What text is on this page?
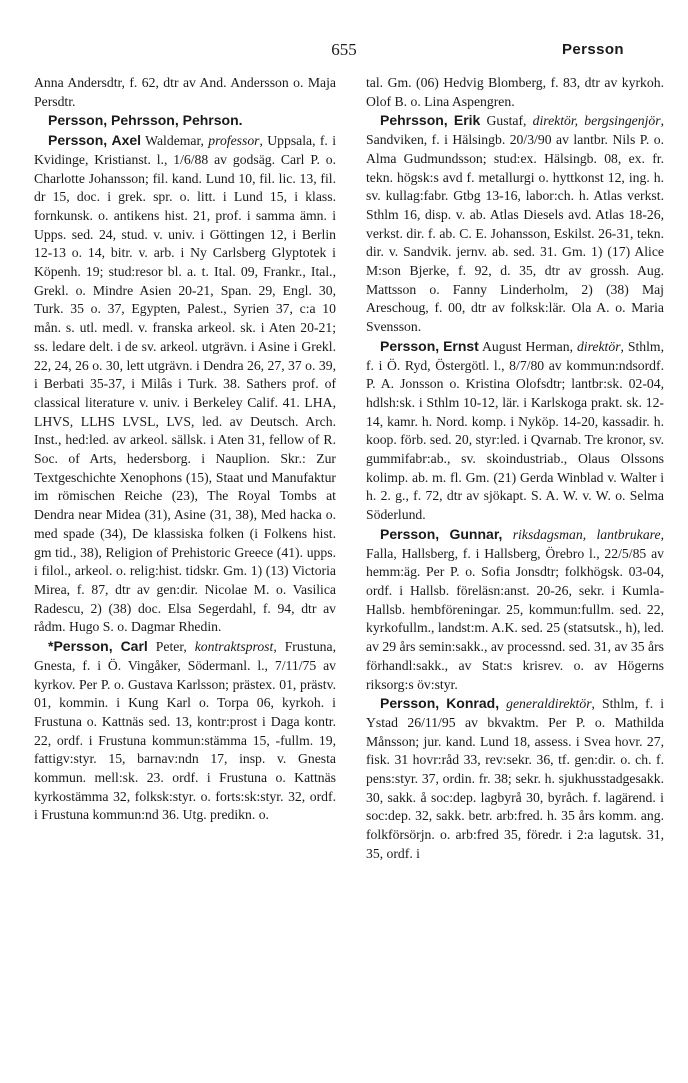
655	Persson

Anna Andersdtr, f. 62, dtr av And. Andersson o. Maja Persdtr.

Persson, Pehrsson, Pehrson.

Persson, Axel Waldemar, professor, Uppsala, f. i Kvidinge, Kristianst. l., 1/6/88 av godsäg. Carl P. o. Charlotte Johansson; fil. kand. Lund 10, fil. lic. 13, fil. dr 15, doc. i grek. spr. o. litt. i Lund 15, i klass. fornkunsk. o. antikens hist. 21, prof. i samma ämn. i Upps. sed. 24, stud. v. univ. i Göttingen 12, i Berlin 12-13 o. 14, bitr. v. arb. i Ny Carlsberg Glyptotek i Köpenh. 19; stud:resor bl. a. t. Ital. 09, Frankr., Ital., Grekl. o. Mindre Asien 20-21, Span. 29, Engl. 30, Turk. 35 o. 37, Egypten, Palest., Syrien 37, c:a 10 mån. s. utl. medl. v. franska arkeol. sk. i Aten 20-21; ss. ledare delt. i de sv. arkeol. utgrävn. i Asine i Grekl. 22, 24, 26 o. 30, lett utgrävn. i Dendra 26, 27, 37 o. 39, i Berbati 35-37, i Milâs i Turk. 38. Sathers prof. of classical literature v. univ. i Berkeley Calif. 41. LHA, LHVS, LLHS LVSL, LVS, led. av Deutsch. Arch. Inst., hed:led. av arkeol. sällsk. i Aten 31, fellow of R. Soc. of Arts, hedersborg. i Nauplion. Skr.: Zur Textgeschichte Xenophons (15), Staat und Manufaktur im römischen Reiche (23), The Royal Tombs at Dendra near Midea (31), Asine (31, 38), Med hacka o. med spade (34), De klassiska folken (i Folkens hist. gm tid., 38), Religion of Prehistoric Greece (41). upps. i filol., arkeol. o. relig:hist. tidskr. Gm. 1) (13) Victoria Mirea, f. 87, dtr av gen:dir. Nicolae M. o. Vasilica Radescu, 2) (38) doc. Elsa Segerdahl, f. 94, dtr av rådm. Hugo S. o. Dagmar Rhedin.

*Persson, Carl Peter, kontraktsprost, Frustuna, Gnesta, f. i Ö. Vingåker, Södermanl. l., 7/11/75 av kyrkov. Per P. o. Gustava Karlsson; prästex. 01, prästv. 01, kommin. i Kung Karl o. Torpa 06, kyrkoh. i Frustuna o. Kattnäs sed. 13, kontr:prost i Daga kontr. 22, ordf. i Frustuna kommun:stämma 15, -fullm. 19, fattigv:styr. 15, barnav:ndn 17, insp. v. Gnesta kommun. mell:sk. 23. ordf. i Frustuna o. Kattnäs kyrkostämma 32, folksk:styr. o. forts:sk:styr. 32, ordf. i Frustuna kommun:nd 36. Utg. predikn. o.

tal. Gm. (06) Hedvig Blomberg, f. 83, dtr av kyrkoh. Olof B. o. Lina Aspengren.

Pehrsson, Erik Gustaf, direktör, bergsingenjör, Sandviken, f. i Hälsingb. 20/3/90 av lantbr. Nils P. o. Alma Gudmundsson; stud:ex. Hälsingb. 08, ex. fr. tekn. högsk:s avd f. metallurgi o. hyttkonst 12, ing. h. sv. kullag:fabr. Gtbg 13-16, labor:ch. h. Atlas verkst. Sthlm 16, disp. v. ab. Atlas Diesels avd. Atlas 18-26, verkst. dir. f. ab. C. E. Johansson, Eskilst. 26-31, tekn. dir. v. Sandvik. jernv. ab. sed. 31. Gm. 1) (17) Alice M:son Bjerke, f. 92, d. 35, dtr av grossh. Aug. Mattsson o. Fanny Linderholm, 2) (38) Maj Areschoug, f. 00, dtr av folksk:lär. Ola A. o. Maria Svensson.

Persson, Ernst August Herman, direktör, Sthlm, f. i Ö. Ryd, Östergötl. l., 8/7/80 av kommun:ndsordf. P. A. Jonsson o. Kristina Olofsdtr; lantbr:sk. 02-04, hdlsh:sk. i Sthlm 10-12, lär. i Karlskoga prakt. sk. 12-14, kamr. h. Nord. komp. i Nyköp. 14-20, kassadir. h. koop. förb. sed. 20, styr:led. i Qvarnab. Tre kronor, sv. gummifabr:ab., sv. skoindustriab., Olaus Olssons kolimp. ab. m. fl. Gm. (21) Gerda Winblad v. Walter i h. 2. g., f. 72, dtr av sjökapt. S. A. W. v. W. o. Selma Söderlund.

Persson, Gunnar, riksdagsman, lantbrukare, Falla, Hallsberg, f. i Hallsberg, Örebro l., 22/5/85 av hemm:äg. Per P. o. Sofia Jonsdtr; folkhögsk. 03-04, ordf. i Hallsb. föreläsn:anst. 20-26, sekr. i Kumla-Hallsb. hembföreningar. 25, kommun:fullm. sed. 22, kyrkofullm., landst:m. A.K. sed. 25 (statsutsk., h), led. av 29 års semin:sakk., av processnd. sed. 31, av 35 års förhandl:sakk., av Stat:s krisrev. o. av Högerns riksorg:s öv:styr.

Persson, Konrad, generaldirektör, Sthlm, f. i Ystad 26/11/95 av bkvaktm. Per P. o. Mathilda Månsson; jur. kand. Lund 18, assess. i Svea hovr. 27, fisk. 31 hovr:råd 33, rev:sekr. 36, tf. gen:dir. o. ch. f. pens:styr. 37, ordin. fr. 38; sekr. h. sjukhusstadgesakk. 30, sakk. å soc:dep. lagbyrå 30, byråch. f. lagärend. i soc:dep. 32, sakk. betr. arb:fred. h. 35 års komm. ang. folkförsörjn. o. arb:fred 35, föredr. i 2:a lagutsk. 31, 35, ordf. i
